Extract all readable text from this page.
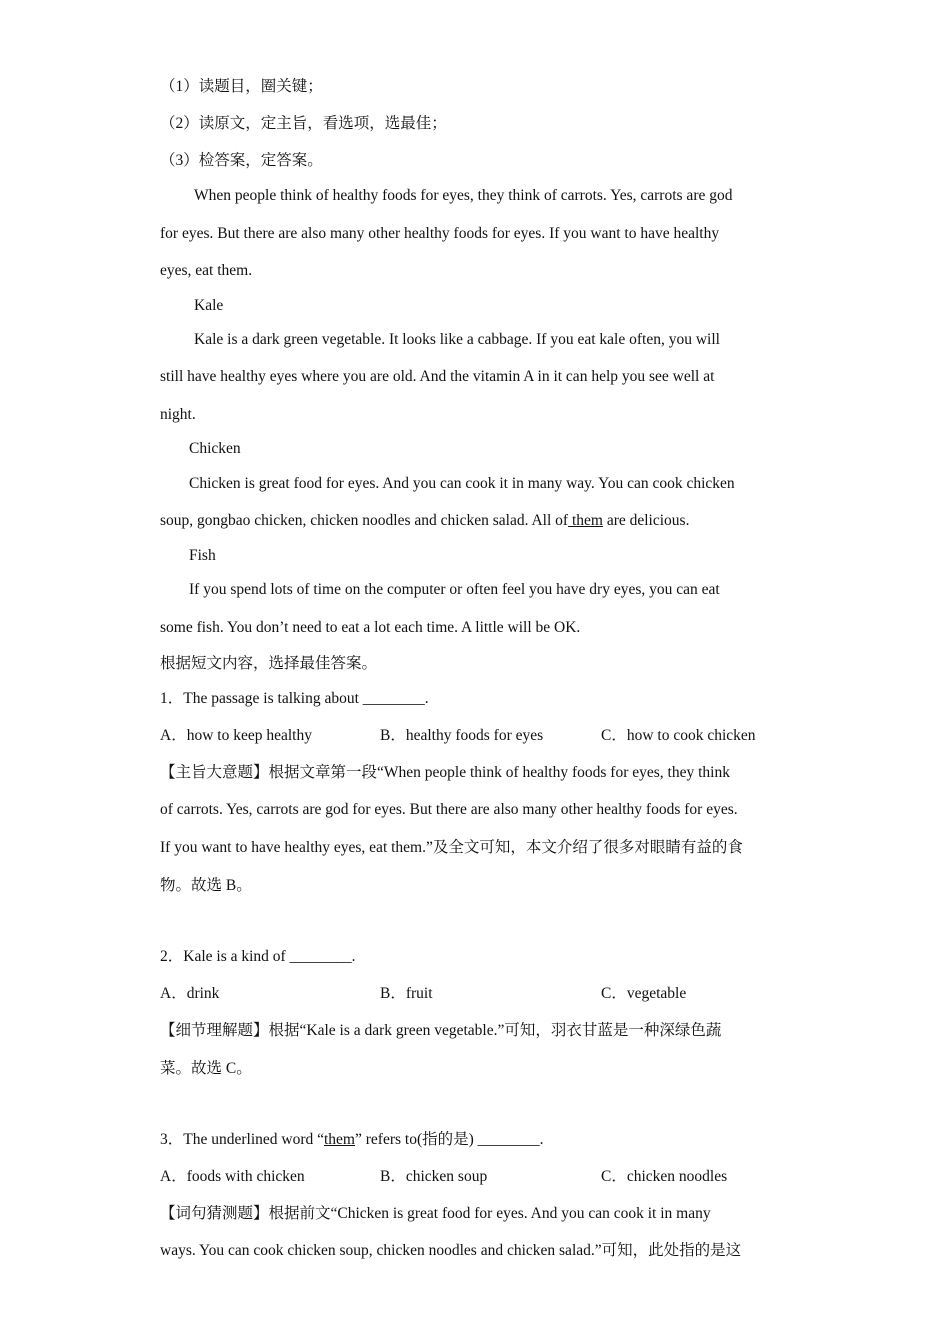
（1）读题目，圈关键；
（2）读原文，定主旨，看选项，选最佳；
（3）检答案，定答案。
When people think of healthy foods for eyes, they think of carrots. Yes, carrots are god
for eyes. But there are also many other healthy foods for eyes. If you want to have healthy
eyes, eat them.
Kale
Kale is a dark green vegetable. It looks like a cabbage. If you eat kale often, you will
still have healthy eyes where you are old. And the vitamin A in it can help you see well at
night.
Chicken
Chicken is great food for eyes. And you can cook it in many way. You can cook chicken
soup, gongbao chicken, chicken noodles and chicken salad. All of them are delicious.
Fish
If you spend lots of time on the computer or often feel you have dry eyes, you can eat
some fish. You don’t need to eat a lot each time. A little will be OK.
根据短文内容，选择最佳答案。
1．The passage is talking about ________.
A．how to keep healthy	B．healthy foods for eyes	C．how to cook chicken
【主旨大意题】根据文章第一段“When people think of healthy foods for eyes, they think
of carrots. Yes, carrots are god for eyes. But there are also many other healthy foods for eyes.
If you want to have healthy eyes, eat them.”及全文可知，本文介绍了很多对眼睛有益的食
物。故选 B。
2．Kale is a kind of ________.
A．drink	B．fruit	C．vegetable
【细节理解题】根据“Kale is a dark green vegetable.”可知，羽衣甘蓝是一种深绿色蔬
菜。故选 C。
3．The underlined word “them” refers to(指的是) ________.
A．foods with chicken	B．chicken soup	C．chicken noodles
【词句猜测题】根据前文“Chicken is great food for eyes. And you can cook it in many
ways. You can cook chicken soup, chicken noodles and chicken salad.”可知，此处指的是这
